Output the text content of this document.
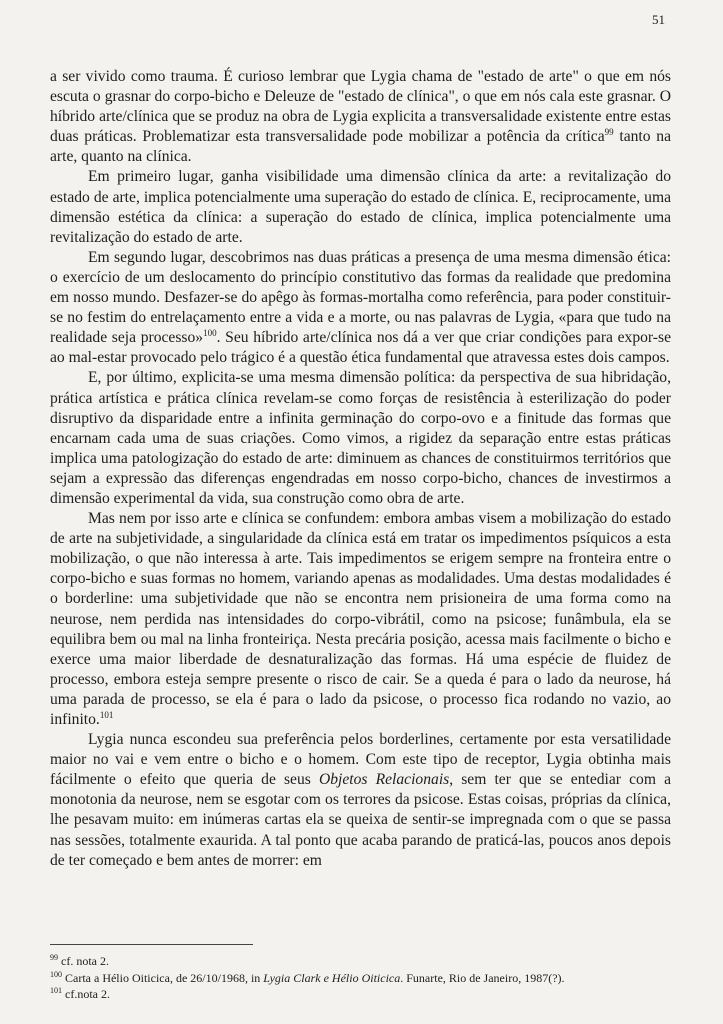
51

a ser vivido como trauma. É curioso lembrar que Lygia chama de "estado de arte" o que em nós escuta o grasnar do corpo-bicho e Deleuze de "estado de clínica", o que em nós cala este grasnar. O híbrido arte/clínica que se produz na obra de Lygia explicita a transversalidade existente entre estas duas práticas. Problematizar esta transversalidade pode mobilizar a potência da crítica$^{99}$ tanto na arte, quanto na clínica.

Em primeiro lugar, ganha visibilidade uma dimensão clínica da arte: a revitalização do estado de arte, implica potencialmente uma superação do estado de clínica. E, reciprocamente, uma dimensão estética da clínica: a superação do estado de clínica, implica potencialmente uma revitalização do estado de arte.

Em segundo lugar, descobrimos nas duas práticas a presença de uma mesma dimensão ética: o exercício de um deslocamento do princípio constitutivo das formas da realidade que predomina em nosso mundo. Desfazer-se do apêgo às formas-mortalha como referência, para poder constituir-se no festim do entrelaçamento entre a vida e a morte, ou nas palavras de Lygia, «para que tudo na realidade seja processo»$^{100}$. Seu híbrido arte/clínica nos dá a ver que criar condições para expor-se ao mal-estar provocado pelo trágico é a questão ética fundamental que atravessa estes dois campos.

E, por último, explicita-se uma mesma dimensão política: da perspectiva de sua hibridação, prática artística e prática clínica revelam-se como forças de resistência à esterilização do poder disruptivo da disparidade entre a infinita germinação do corpo-ovo e a finitude das formas que encarnam cada uma de suas criações. Como vimos, a rigidez da separação entre estas práticas implica uma patologização do estado de arte: diminuem as chances de constituirmos territórios que sejam a expressão das diferenças engendradas em nosso corpo-bicho, chances de investirmos a dimensão experimental da vida, sua construção como obra de arte.

Mas nem por isso arte e clínica se confundem: embora ambas visem a mobilização do estado de arte na subjetividade, a singularidade da clínica está em tratar os impedimentos psíquicos a esta mobilização, o que não interessa à arte. Tais impedimentos se erigem sempre na fronteira entre o corpo-bicho e suas formas no homem, variando apenas as modalidades. Uma destas modalidades é o borderline: uma subjetividade que não se encontra nem prisioneira de uma forma como na neurose, nem perdida nas intensidades do corpo-vibrátil, como na psicose; funâmbula, ela se equilibra bem ou mal na linha fronteiriça. Nesta precária posição, acessa mais facilmente o bicho e exerce uma maior liberdade de desnaturalização das formas. Há uma espécie de fluidez de processo, embora esteja sempre presente o risco de cair. Se a queda é para o lado da neurose, há uma parada de processo, se ela é para o lado da psicose, o processo fica rodando no vazio, ao infinito.$^{101}$

Lygia nunca escondeu sua preferência pelos borderlines, certamente por esta versatilidade maior no vai e vem entre o bicho e o homem. Com este tipo de receptor, Lygia obtinha mais fácilmente o efeito que queria de seus Objetos Relacionais, sem ter que se entediar com a monotonia da neurose, nem se esgotar com os terrores da psicose. Estas coisas, próprias da clínica, lhe pesavam muito: em inúmeras cartas ela se queixa de sentir-se impregnada com o que se passa nas sessões, totalmente exaurida. A tal ponto que acaba parando de praticá-las, poucos anos depois de ter começado e bem antes de morrer: em

$^{99}$ cf. nota 2.
$^{100}$ Carta a Hélio Oiticica, de 26/10/1968, in Lygia Clark e Hélio Oiticica. Funarte, Rio de Janeiro, 1987(?).
$^{101}$ cf.nota 2.
